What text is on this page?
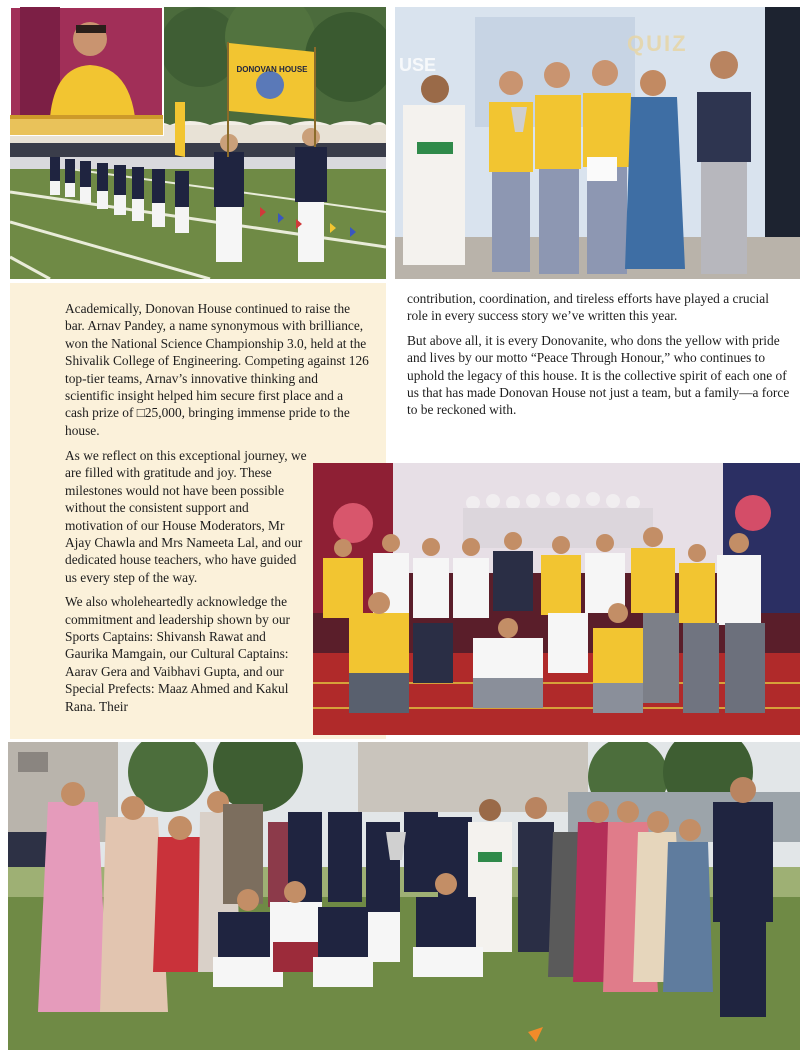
DONOVAN HOUSE
QUIZ
USE

Academically, Donovan House continued to raise the bar. Arnav Pandey, a name synonymous with brilliance, won the National Science Championship 3.0, held at the Shivalik College of Engineering. Competing against 126 top-tier teams, Arnav’s innovative thinking and scientific insight helped him secure first place and a cash prize of □25,000, bringing immense pride to the house.

As we reflect on this exceptional journey, we are filled with gratitude and joy. These milestones would not have been possible without the consistent support and motivation of our House Moderators, Mr Ajay Chawla and Mrs Nameeta Lal, and our dedicated house teachers, who have guided us every step of the way.

We also wholeheartedly acknowledge the commitment and leadership shown by our Sports Captains: Shivansh Rawat and Gaurika Mamgain, our Cultural Captains: Aarav Gera and Vaibhavi Gupta, and our Special Prefects: Maaz Ahmed and Kakul Rana. Their

contribution, coordination, and tireless efforts have played a crucial role in every success story we’ve written this year.

But above all, it is every Donovanite, who dons the yellow with pride and lives by our motto “Peace Through Honour,” who continues to uphold the legacy of this house. It is the collective spirit of each one of us that has made Donovan House not just a team, but a family—a force to be reckoned with.
